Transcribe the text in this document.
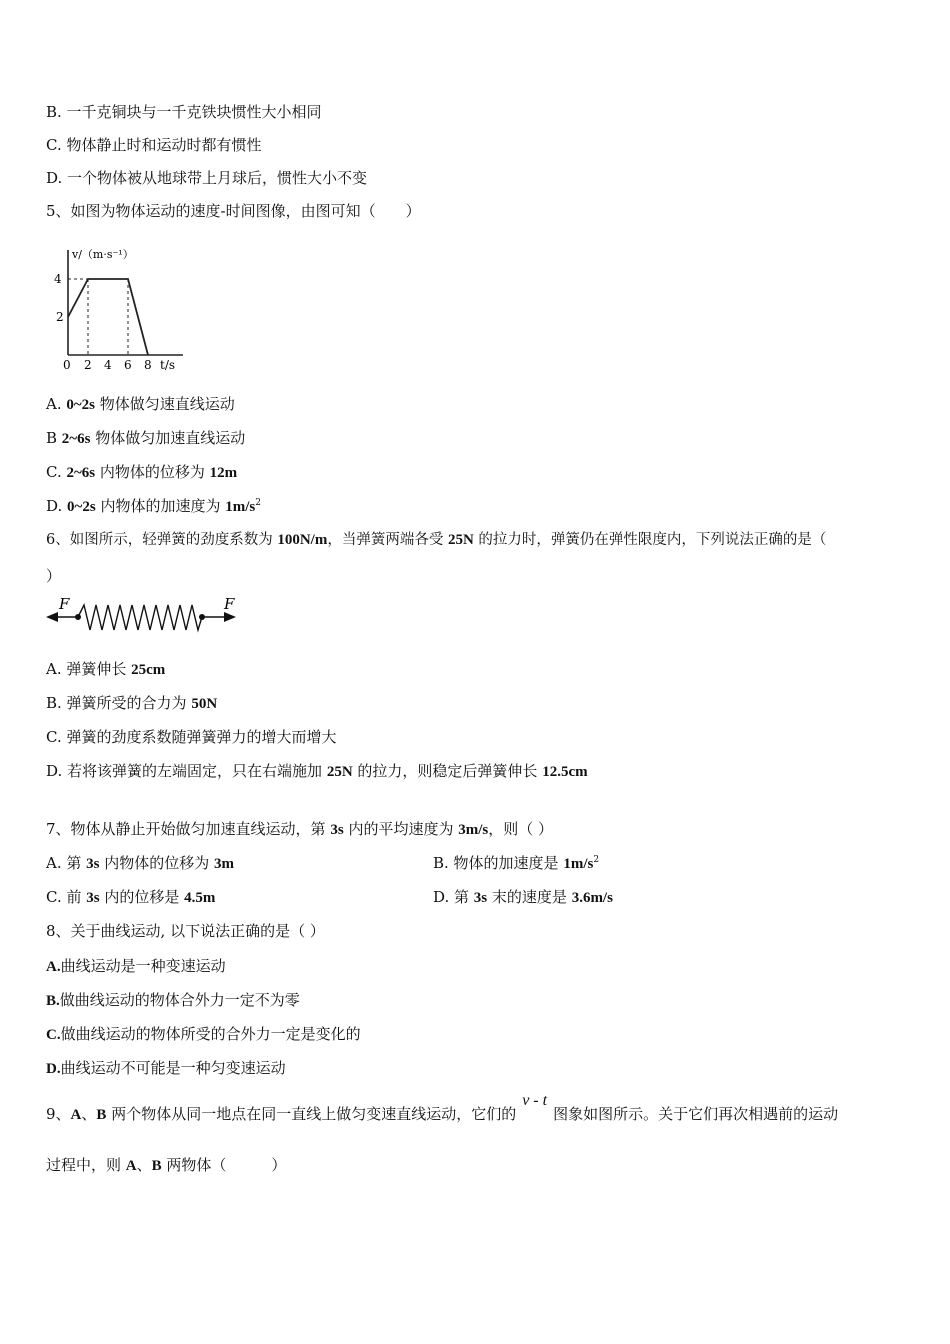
B. 一千克铜块与一千克铁块惯性大小相同
C. 物体静止时和运动时都有惯性
D. 一个物体被从地球带上月球后，惯性大小不变
5、如图为物体运动的速度-时间图像，由图可知（　　）
v/（m·s⁻¹）
4
2
0 2 4 6 8 t/s
A. 0~2s 物体做匀速直线运动
B 2~6s 物体做匀加速直线运动
C. 2~6s 内物体的位移为 12m
D. 0~2s 内物体的加速度为 $1m/s^2$
6、如图所示，轻弹簧的劲度系数为 100N/m，当弹簧两端各受 25N 的拉力时，弹簧仍在弹性限度内，下列说法正确的是（
）
F	F
A. 弹簧伸长 25cm
B. 弹簧所受的合力为 50N
C. 弹簧的劲度系数随弹簧弹力的增大而增大
D. 若将该弹簧的左端固定，只在右端施加 25N 的拉力，则稳定后弹簧伸长 12.5cm
7、物体从静止开始做匀加速直线运动，第 3s 内的平均速度为 3m/s，则（ ）
A. 第 3s 内物体的位移为 3m	B. 物体的加速度是 $1m/s^2$
C. 前 3s 内的位移是 4.5m	D. 第 3s 末的速度是 3.6m/s
8、关于曲线运动, 以下说法正确的是（ ）
A.曲线运动是一种变速运动
B.做曲线运动的物体合外力一定不为零
C.做曲线运动的物体所受的合外力一定是变化的
D.曲线运动不可能是一种匀变速运动
9、A、B 两个物体从同一地点在同一直线上做匀变速直线运动，它们的v - t图象如图所示。关于它们再次相遇前的运动
过程中，则 A、B 两物体（　　　）
